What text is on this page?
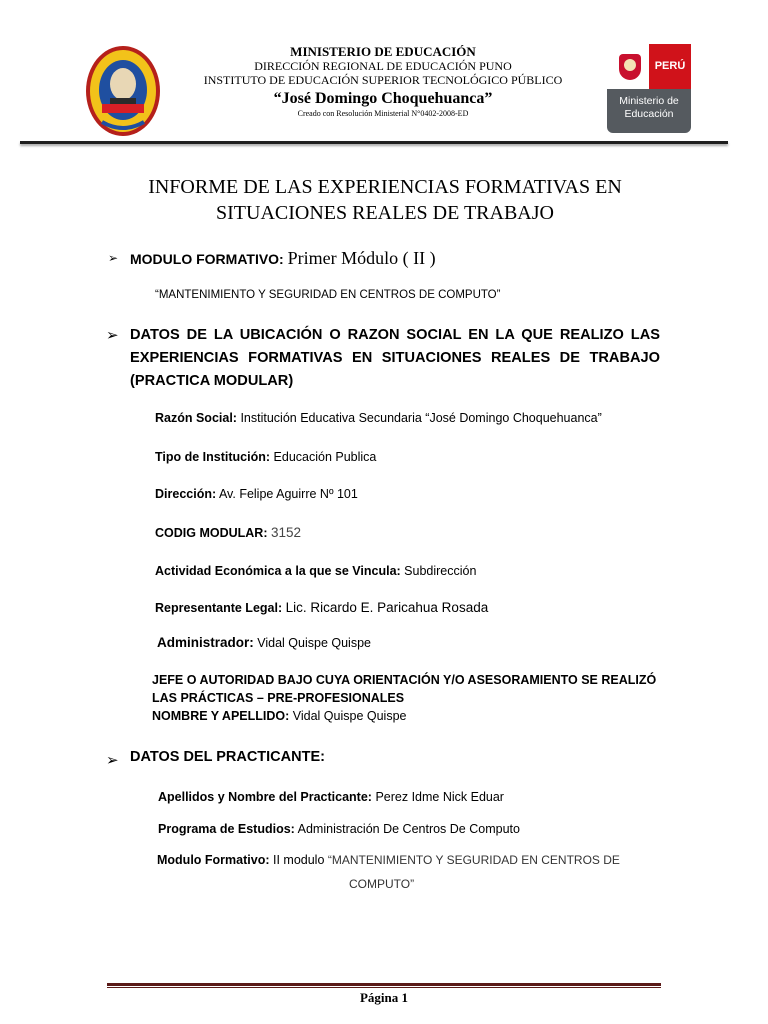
MINISTERIO DE EDUCACIÓN
DIRECCIÓN REGIONAL DE EDUCACIÓN PUNO
INSTITUTO DE EDUCACIÓN SUPERIOR TECNOLÓGICO PÚBLICO
“José Domingo Choquehuanca”
Creado con Resolución Ministerial N°0402-2008-ED
PERÚ
Ministerio de Educación
INFORME DE LAS EXPERIENCIAS FORMATIVAS EN SITUACIONES REALES DE TRABAJO
➢ MODULO FORMATIVO: Primer Módulo ( II )
“MANTENIMIENTO Y SEGURIDAD EN CENTROS DE COMPUTO”
➢ DATOS DE LA UBICACIÓN O RAZON SOCIAL EN LA QUE REALIZO LAS EXPERIENCIAS FORMATIVAS EN SITUACIONES REALES DE TRABAJO (PRACTICA MODULAR)
Razón Social: Institución Educativa Secundaria “José Domingo Choquehuanca”
Tipo de Institución: Educación Publica
Dirección: Av. Felipe Aguirre Nº 101
CODIG MODULAR: 3152
Actividad Económica a la que se Vincula: Subdirección
Representante Legal: Lic. Ricardo E. Paricahua Rosada
Administrador: Vidal Quispe Quispe
JEFE O AUTORIDAD BAJO CUYA ORIENTACIÓN Y/O ASESORAMIENTO SE REALIZÓ
LAS PRÁCTICAS – PRE-PROFESIONALES
NOMBRE Y APELLIDO: Vidal Quispe Quispe
➢ DATOS DEL PRACTICANTE:
Apellidos y Nombre del Practicante: Perez Idme Nick Eduar
Programa de Estudios: Administración De Centros De Computo
Modulo Formativo: II modulo “MANTENIMIENTO Y SEGURIDAD EN CENTROS DE
COMPUTO”
Página 1
